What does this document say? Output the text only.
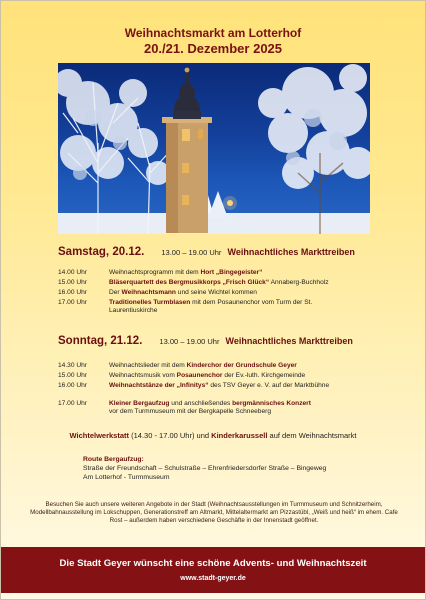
Weihnachtsmarkt am Lotterhof
20./21. Dezember 2025
Samstag, 20.12. 13.00 – 19.00 Uhr Weihnachtliches Markttreiben
14.00 Uhr	Weihnachtsprogramm mit dem Hort „Bingegeister“
15.00 Uhr	Bläserquartett des Bergmusikkorps „Frisch Glück“ Annaberg-Buchholz
16.00 Uhr	Der Weihnachtsmann und seine Wichtel kommen
17.00 Uhr	Traditionelles Turmblasen mit dem Posaunenchor vom Turm der St. Laurentiuskirche
Sonntag, 21.12. 13.00 – 19.00 Uhr Weihnachtliches Markttreiben
14.30 Uhr	Weihnachtslieder mit dem Kinderchor der Grundschule Geyer
15.00 Uhr	Weihnachtsmusik vom Posaunenchor der Ev.-luth. Kirchgemeinde
16.00 Uhr	Weihnachtstänze der „Infinitys“ des TSV Geyer e. V. auf der Marktbühne
17.00 Uhr	Kleiner Bergaufzug und anschließendes bergmännisches Konzert
vor dem Turmmuseum mit der Bergkapelle Schneeberg
Wichtelwerkstatt (14.30 - 17.00 Uhr) und Kinderkarussell auf dem Weihnachtsmarkt
Route Bergaufzug:
Straße der Freundschaft – Schulstraße – Ehrenfriedersdorfer Straße – Bingeweg
Am Lotterhof - Turmmuseum
Besuchen Sie auch unsere weiteren Angebote in der Stadt (Weihnachtsausstellungen im Turmmuseum und Schnitzerheim, Modellbahnausstellung im Lokschuppen, Generationstreff am Altmarkt, Mittelaltermarkt am Pizzastübl, „Weiß und heiß“ im ehem. Cafe Rost – außerdem haben verschiedene Geschäfte in der Innenstadt geöffnet.
Die Stadt Geyer wünscht eine schöne Advents- und Weihnachtszeit
www.stadt-geyer.de
